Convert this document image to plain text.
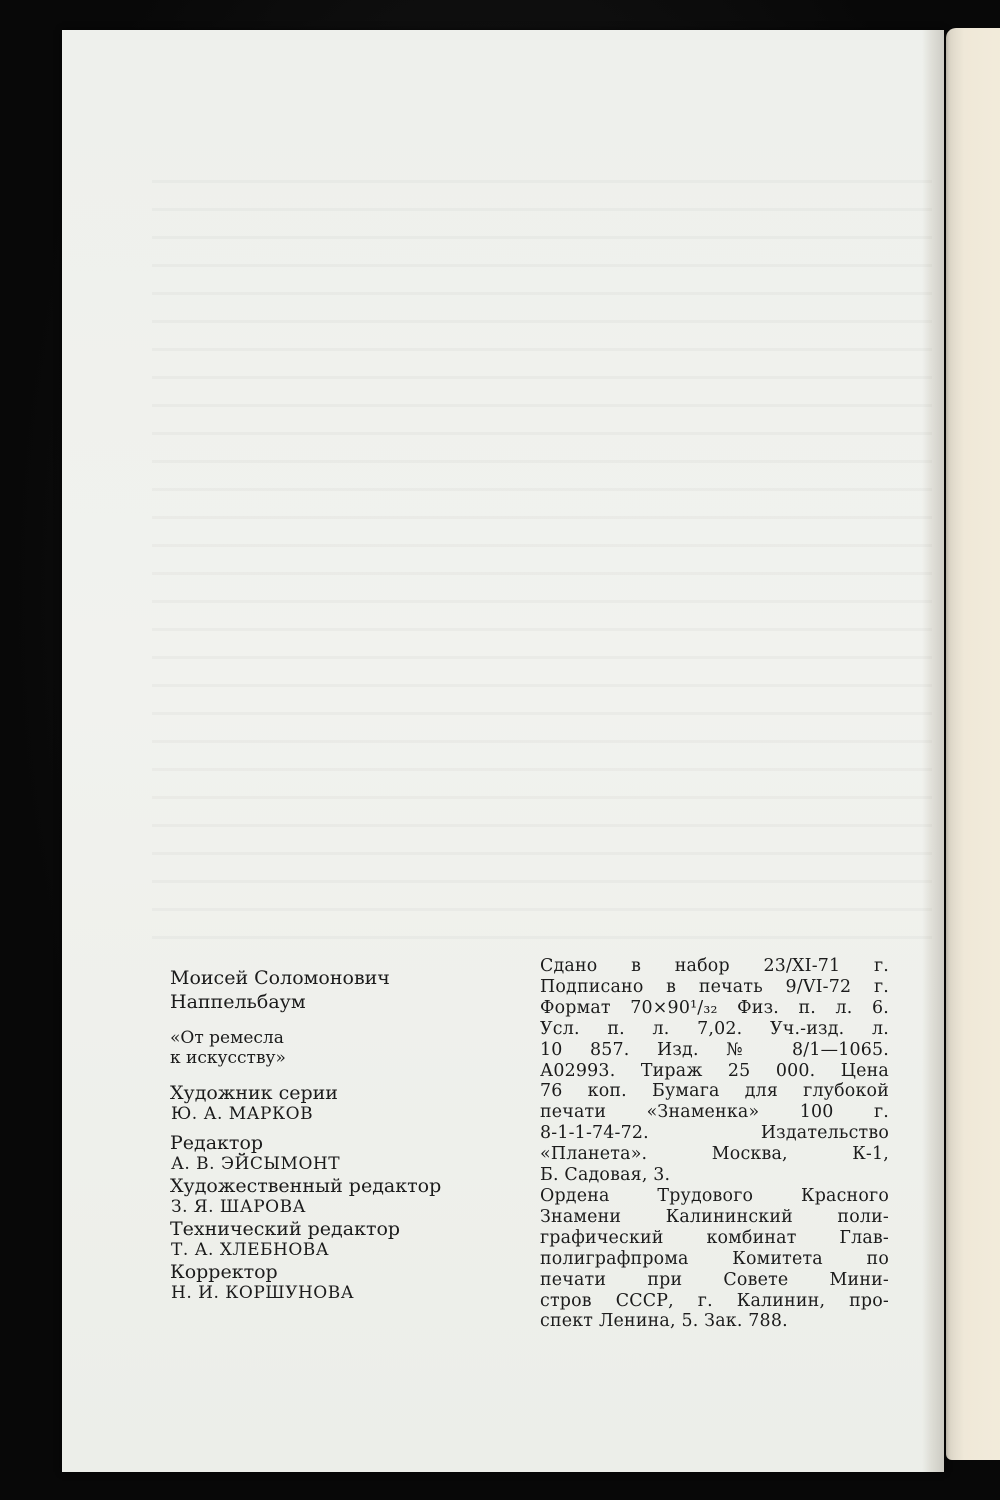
Моисей Соломонович
Наппельбаум
«От ремесла
к искусству»
Художник серии
Ю. А. МАРКОВ
Редактор
А. В. ЭЙСЫМОНТ
Художественный редактор
З. Я. ШАРОВА
Технический редактор
Т. А. ХЛЕБНОВА
Корректор
Н. И. КОРШУНОВА
Сдано в набор 23/XI-71 г.
Подписано в печать 9/VI-72 г.
Формат 70×90¹/₃₂ Физ. п. л. 6.
Усл. п. л. 7,02. Уч.-изд. л.
10 857. Изд. № 8/1—1065.
А02993. Тираж 25 000. Цена
76 коп. Бумага для глубокой
печати «Знаменка» 100 г.
8-1-1-74-72. Издательство
«Планета». Москва, К-1,
Б. Садовая, 3.
Ордена Трудового Красного
Знамени Калининский поли-
графический комбинат Глав-
полиграфпрома Комитета по
печати при Совете Мини-
стров СССР, г. Калинин, про-
спект Ленина, 5. Зак. 788.
